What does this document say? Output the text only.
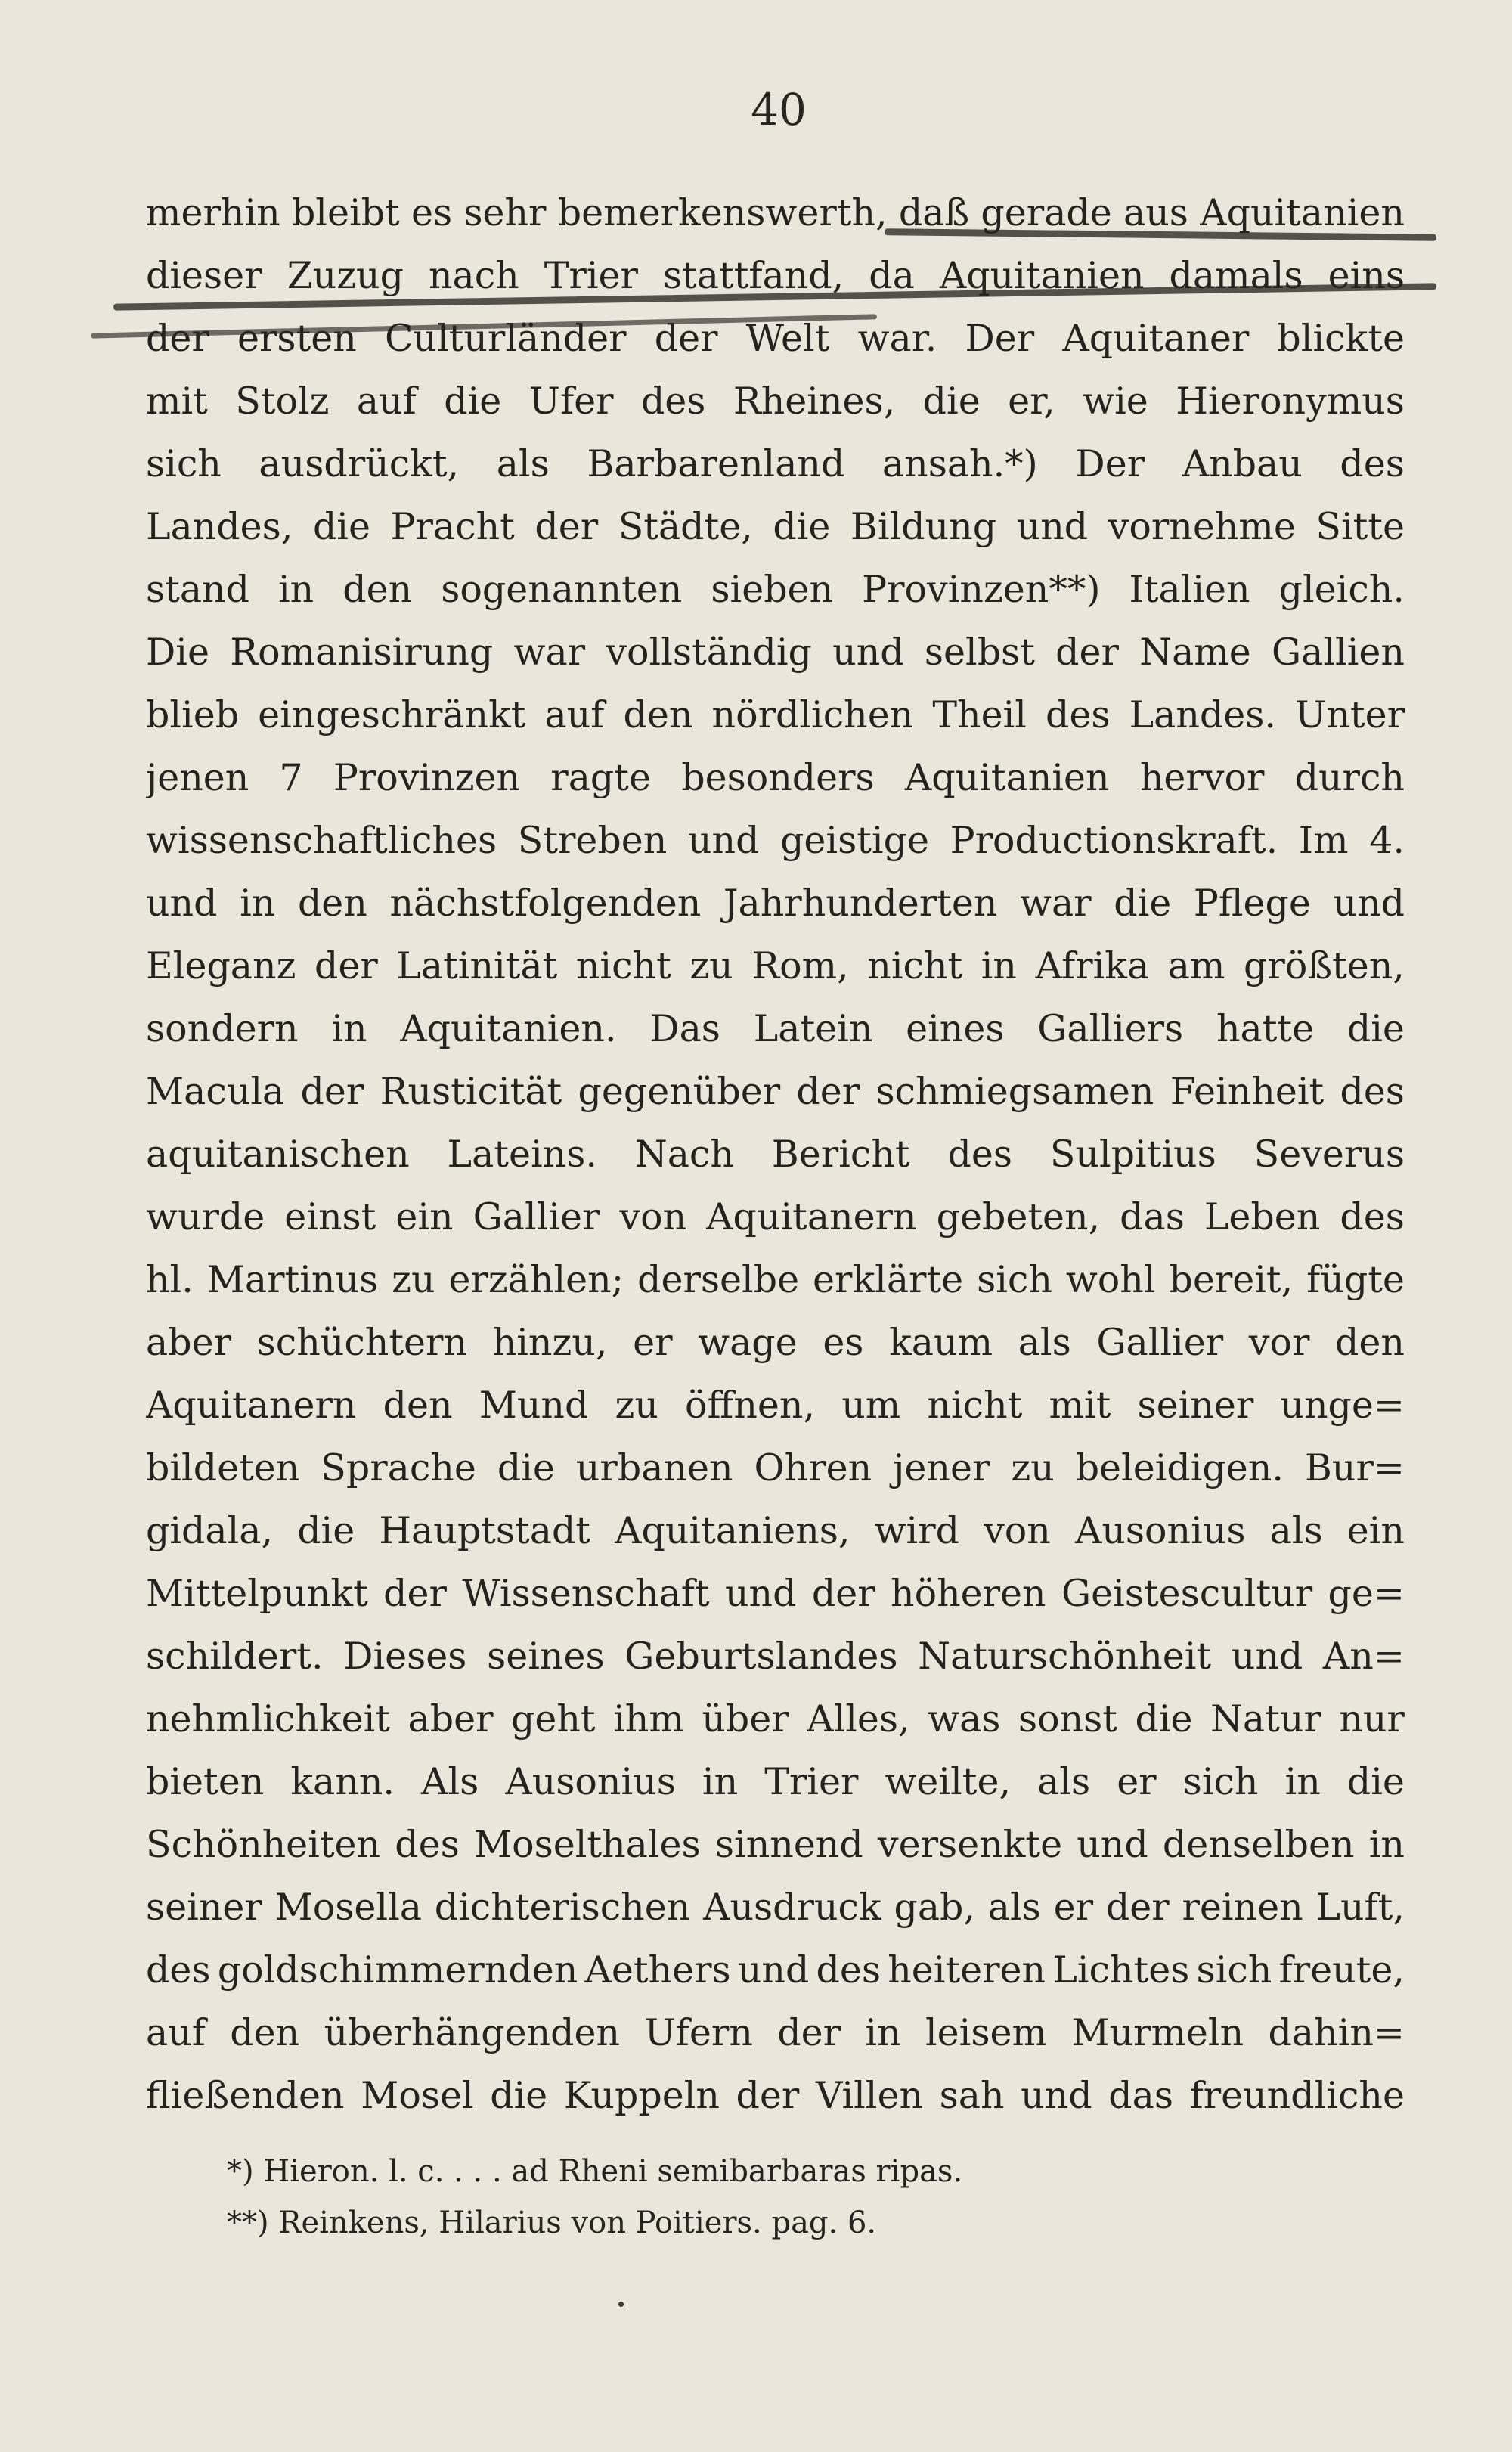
40
merhin bleibt es sehr bemerkenswerth, daß gerade aus Aquitanien
dieser Zuzug nach Trier stattfand, da Aquitanien damals eins
der ersten Culturländer der Welt war. Der Aquitaner blickte
mit Stolz auf die Ufer des Rheines, die er, wie Hieronymus
sich ausdrückt, als Barbarenland ansah.*) Der Anbau des
Landes, die Pracht der Städte, die Bildung und vornehme Sitte
stand in den sogenannten sieben Provinzen**) Italien gleich.
Die Romanisirung war vollständig und selbst der Name Gallien
blieb eingeschränkt auf den nördlichen Theil des Landes. Unter
jenen 7 Provinzen ragte besonders Aquitanien hervor durch
wissenschaftliches Streben und geistige Productionskraft. Im 4.
und in den nächstfolgenden Jahrhunderten war die Pflege und
Eleganz der Latinität nicht zu Rom, nicht in Afrika am größten,
sondern in Aquitanien. Das Latein eines Galliers hatte die
Macula der Rusticität gegenüber der schmiegsamen Feinheit des
aquitanischen Lateins. Nach Bericht des Sulpitius Severus
wurde einst ein Gallier von Aquitanern gebeten, das Leben des
hl. Martinus zu erzählen; derselbe erklärte sich wohl bereit, fügte
aber schüchtern hinzu, er wage es kaum als Gallier vor den
Aquitanern den Mund zu öffnen, um nicht mit seiner unge=
bildeten Sprache die urbanen Ohren jener zu beleidigen. Bur=
gidala, die Hauptstadt Aquitaniens, wird von Ausonius als ein
Mittelpunkt der Wissenschaft und der höheren Geistescultur ge=
schildert. Dieses seines Geburtslandes Naturschönheit und An=
nehmlichkeit aber geht ihm über Alles, was sonst die Natur nur
bieten kann. Als Ausonius in Trier weilte, als er sich in die
Schönheiten des Moselthales sinnend versenkte und denselben in
seiner Mosella dichterischen Ausdruck gab, als er der reinen Luft,
des goldschimmernden Aethers und des heiteren Lichtes sich freute,
auf den überhängenden Ufern der in leisem Murmeln dahin=
fließenden Mosel die Kuppeln der Villen sah und das freundliche
*) Hieron. l. c. . . . ad Rheni semibarbaras ripas.
**) Reinkens, Hilarius von Poitiers. pag. 6.
